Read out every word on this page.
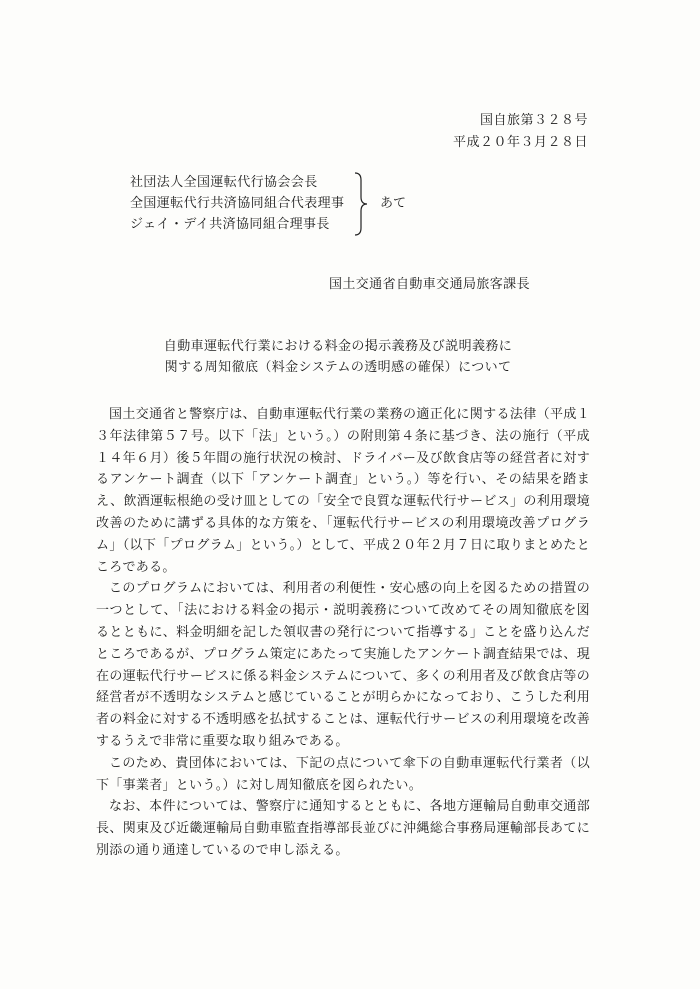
国自旅第３２８号
平成２０年３月２８日
社団法人全国運転代行協会会長
全国運転代行共済協同組合代表理事
ジェイ・デイ共済協同組合理事長
あて
国土交通省自動車交通局旅客課長
自動車運転代行業における料金の掲示義務及び説明義務に
関する周知徹底（料金システムの透明感の確保）について

国土交通省と警察庁は、自動車運転代行業の業務の適正化に関する法律（平成１３年法律第５７号。以下「法」という。）の附則第４条に基づき、法の施行（平成１４年６月）後５年間の施行状況の検討、ドライバー及び飲食店等の経営者に対するアンケート調査（以下「アンケート調査」という。）等を行い、その結果を踏まえ、飲酒運転根絶の受け皿としての「安全で良質な運転代行サービス」の利用環境改善のために講ずる具体的な方策を、「運転代行サービスの利用環境改善プログラム」（以下「プログラム」という。）として、平成２０年２月７日に取りまとめたところである。

このプログラムにおいては、利用者の利便性・安心感の向上を図るための措置の一つとして、「法における料金の掲示・説明義務について改めてその周知徹底を図るとともに、料金明細を記した領収書の発行について指導する」ことを盛り込んだところであるが、プログラム策定にあたって実施したアンケート調査結果では、現在の運転代行サービスに係る料金システムについて、多くの利用者及び飲食店等の経営者が不透明なシステムと感じていることが明らかになっており、こうした利用者の料金に対する不透明感を払拭することは、運転代行サービスの利用環境を改善するうえで非常に重要な取り組みである。

このため、貴団体においては、下記の点について傘下の自動車運転代行業者（以下「事業者」という。）に対し周知徹底を図られたい。

なお、本件については、警察庁に通知するとともに、各地方運輸局自動車交通部長、関東及び近畿運輸局自動車監査指導部長並びに沖縄総合事務局運輸部長あてに別添の通り通達しているので申し添える。
